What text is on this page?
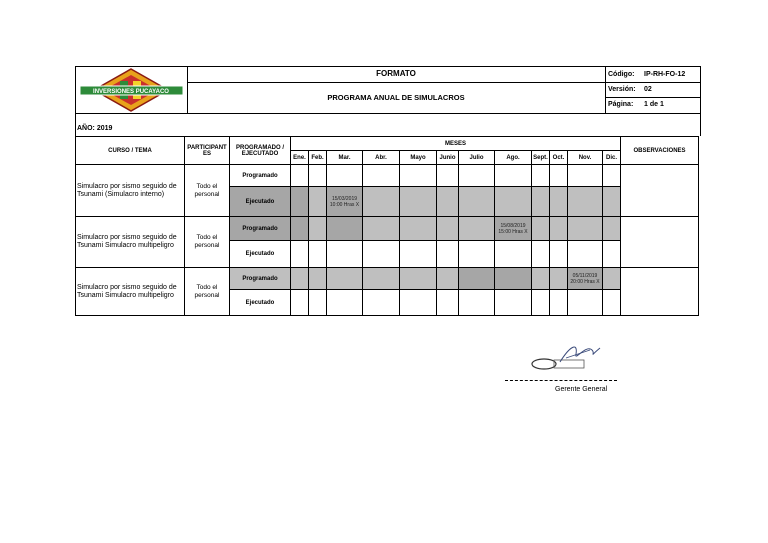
INVERSIONES PUCAYACO
FORMATO
PROGRAMA ANUAL DE SIMULACROS
Código: IP-RH-FO-12
Versión: 02
Página: 1 de 1
AÑO: 2019
CURSO / TEMA	PARTICIPANT ES	PROGRAMADO / EJECUTADO	MESES												OBSERVACIONES
			Ene.	Feb.	Mar.	Abr.	Mayo	Junio	Julio	Ago.	Sept.	Oct.	Nov.	Dic.	
Simulacro por sismo seguido de Tsunami (Simulacro interno)	Todo el personal	Programado													
		Ejecutado			15/03/2019 10:00 Hras X										
Simulacro por sismo seguido de Tsunami Simulacro multipeligro	Todo el personal	Programado								15/08/2019 15:00 Hras X					
		Ejecutado													
Simulacro por sismo seguido de Tsunami Simulacro multipeligro	Todo el personal	Programado											05/11/2019 20:00 Hras X		
		Ejecutado													
Gerente General
